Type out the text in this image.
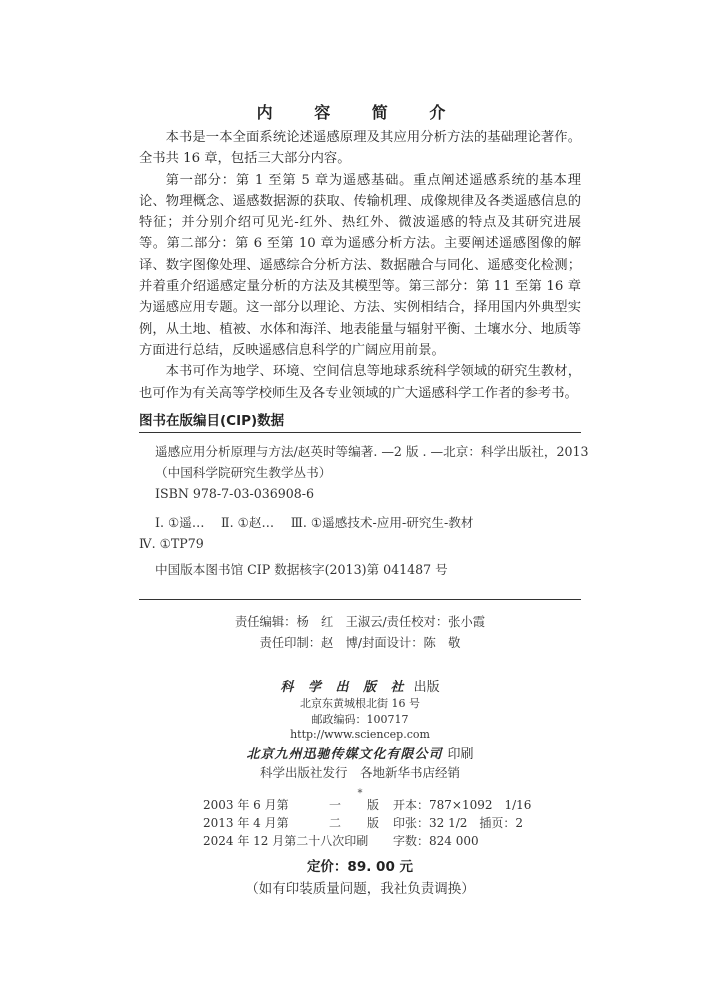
内 容 简 介

本书是一本全面系统论述遥感原理及其应用分析方法的基础理论著作。全书共 16 章，包括三大部分内容。

第一部分：第 1 至第 5 章为遥感基础。重点阐述遥感系统的基本理论、物理概念、遥感数据源的获取、传输机理、成像规律及各类遥感信息的特征；并分别介绍可见光-红外、热红外、微波遥感的特点及其研究进展等。第二部分：第 6 至第 10 章为遥感分析方法。主要阐述遥感图像的解译、数字图像处理、遥感综合分析方法、数据融合与同化、遥感变化检测；并着重介绍遥感定量分析的方法及其模型等。第三部分：第 11 至第 16 章为遥感应用专题。这一部分以理论、方法、实例相结合，择用国内外典型实例，从土地、植被、水体和海洋、地表能量与辐射平衡、土壤水分、地质等方面进行总结，反映遥感信息科学的广阔应用前景。

本书可作为地学、环境、空间信息等地球系统科学领域的研究生教材，也可作为有关高等学校师生及各专业领域的广大遥感科学工作者的参考书。

图书在版编目(CIP)数据
遥感应用分析原理与方法/赵英时等编著. —2 版 . —北京：科学出版社，2013
（中国科学院研究生教学丛书）
ISBN 978-7-03-036908-6
Ⅰ. ①遥…　 Ⅱ. ①赵…　 Ⅲ. ①遥感技术-应用-研究生-教材
Ⅳ. ①TP79
中国版本图书馆 CIP 数据核字(2013)第 041487 号
责任编辑：杨　红　王淑云/责任校对：张小霞
责任印制：赵　博/封面设计：陈　敬
科 学 出 版 社 出版
北京东黄城根北街 16 号
邮政编码：100717
http://www.sciencep.com
北京九州迅驰传媒文化有限公司 印刷
科学出版社发行　各地新华书店经销
*
2003 年 6 月第	一	版	开本：787×1092　1/16
2013 年 4 月第	二	版	印张：32 1/2　插页：2
2024 年 12 月第二十八次印刷	字数：824 000
定价：89. 00 元
（如有印装质量问题，我社负责调换）
